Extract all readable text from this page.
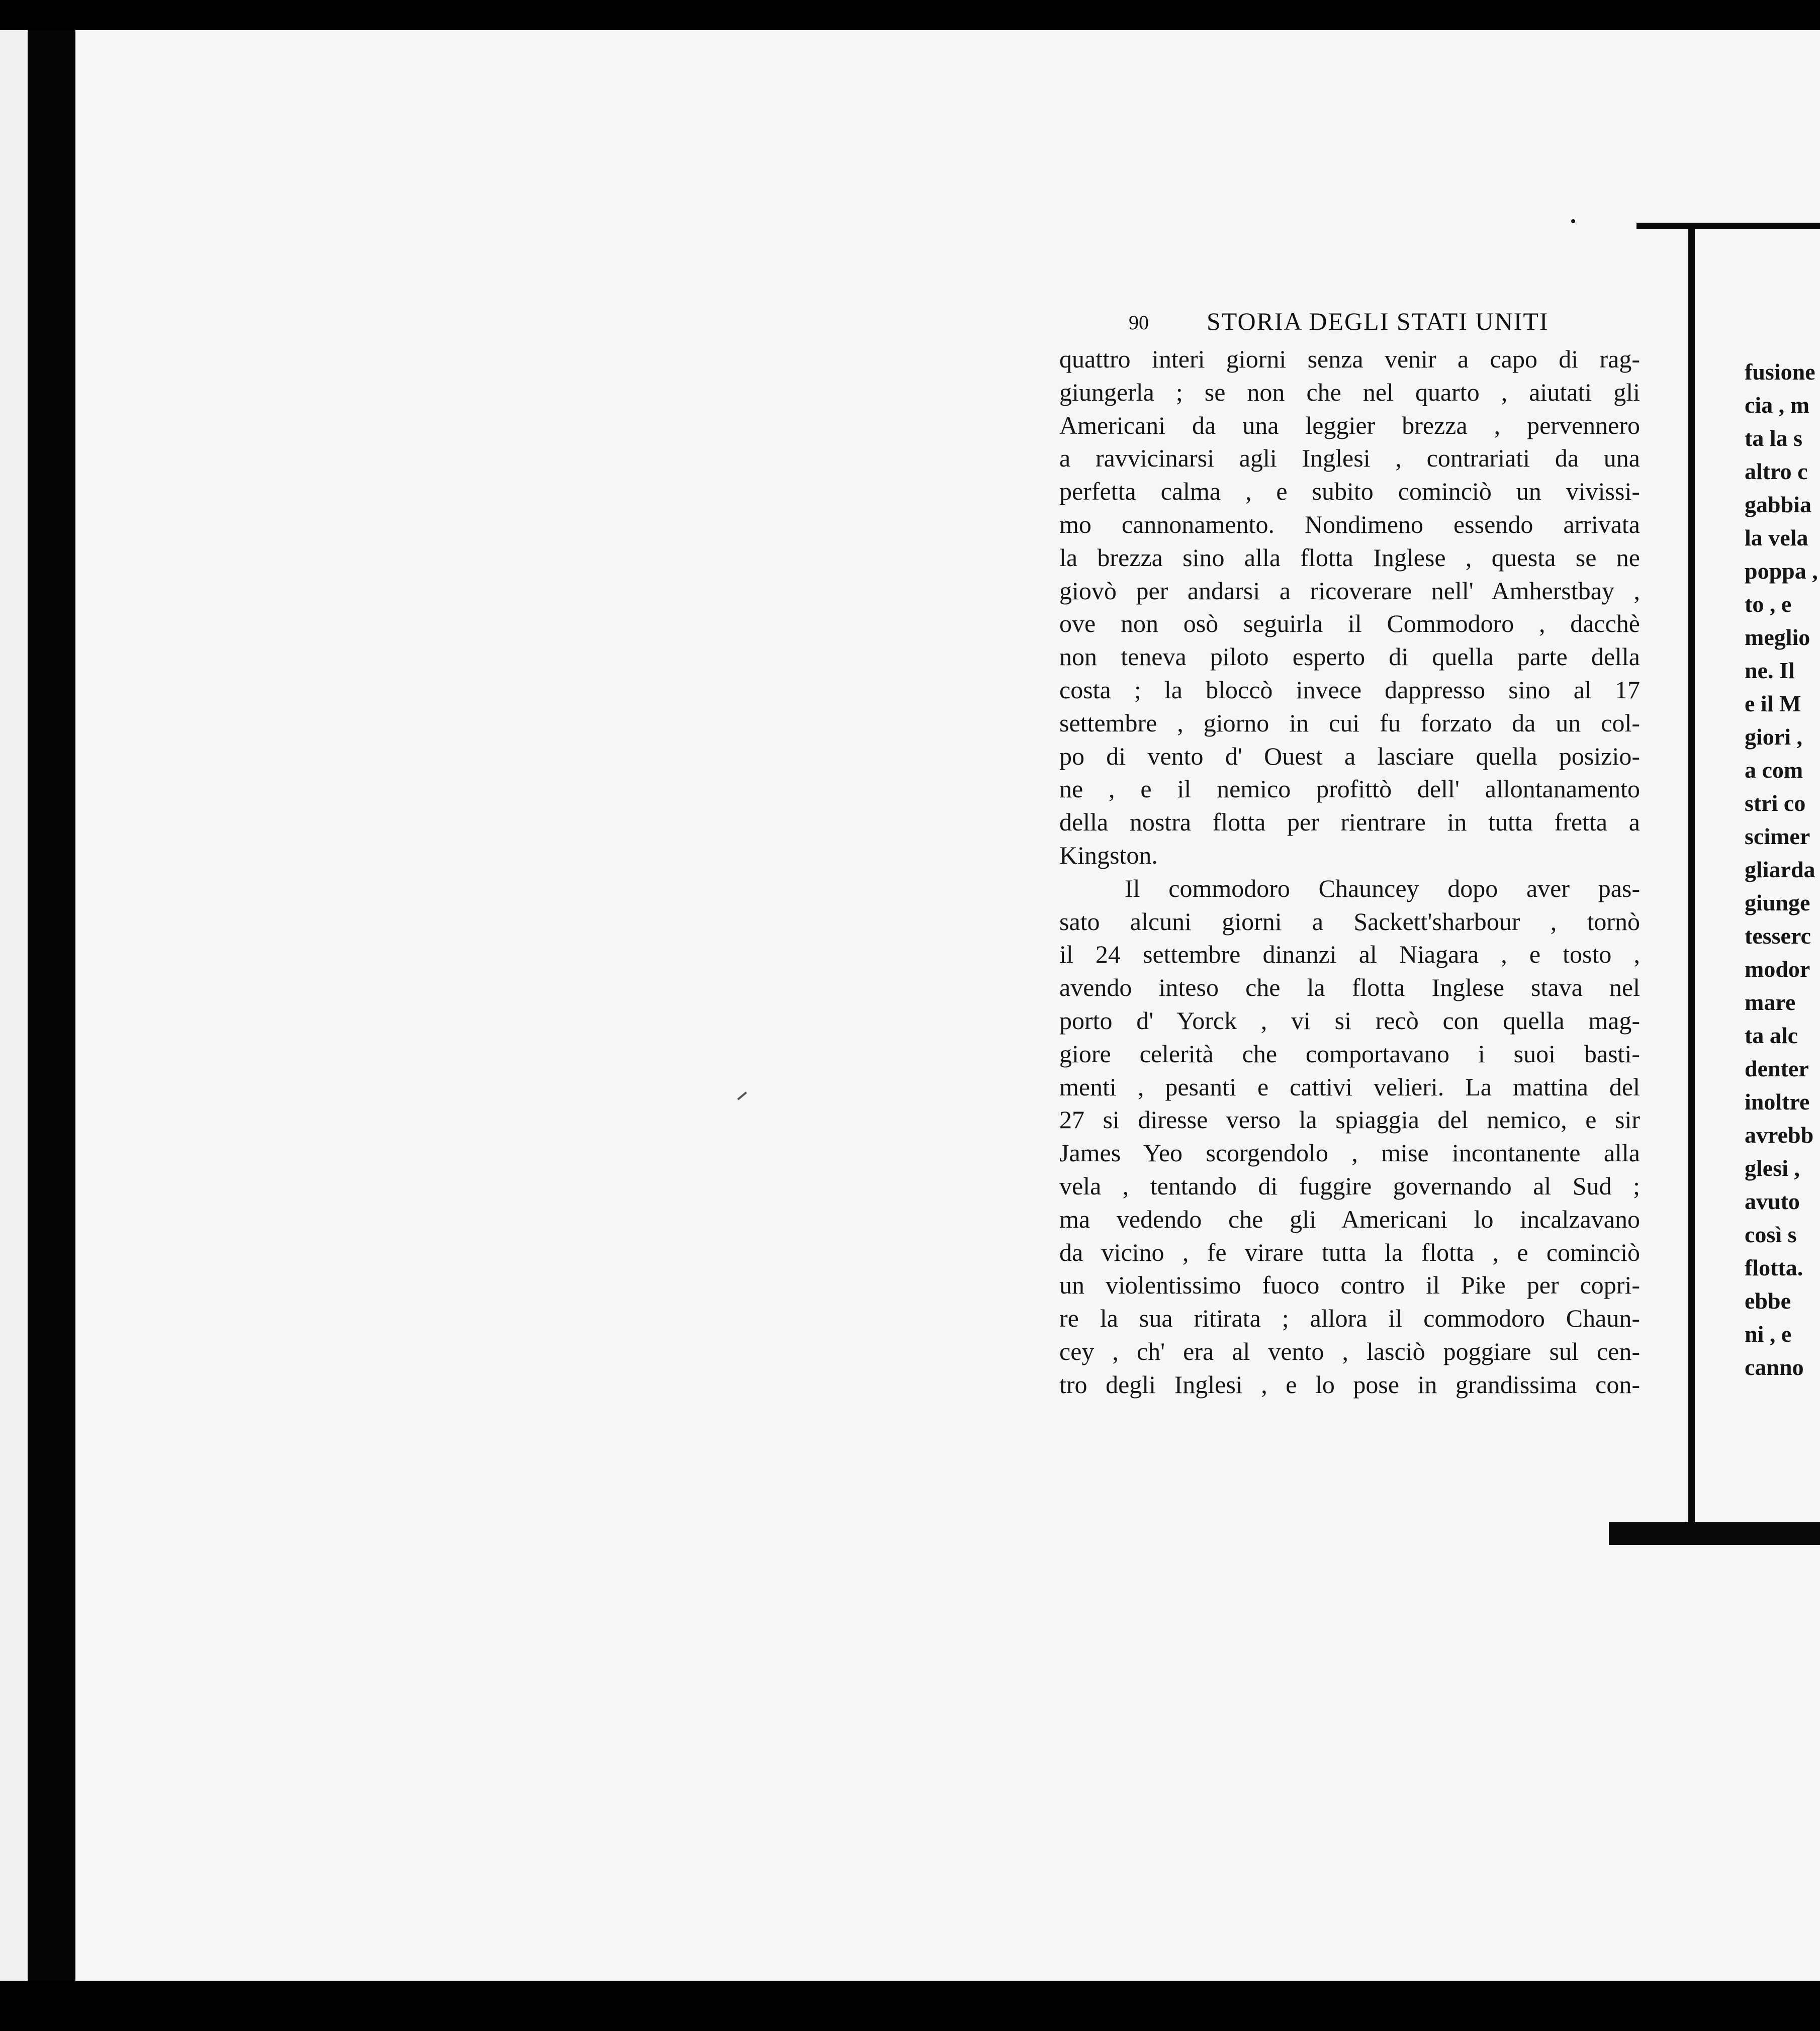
90 STORIA DEGLI STATI UNITI
quattro interi giorni senza venir a capo di rag-
giungerla ; se non che nel quarto , aiutati gli
Americani da una leggier brezza , pervennero
a ravvicinarsi agli Inglesi , contrariati da una
perfetta calma , e subito cominciò un vivissi-
mo cannonamento. Nondimeno essendo arrivata
la brezza sino alla flotta Inglese , questa se ne
giovò per andarsi a ricoverare nell' Amherstbay ,
ove non osò seguirla il Commodoro , dacchè
non teneva piloto esperto di quella parte della
costa ; la bloccò invece dappresso sino al 17
settembre , giorno in cui fu forzato da un col-
po di vento d' Ouest a lasciare quella posizio-
ne , e il nemico profittò dell' allontanamento
della nostra flotta per rientrare in tutta fretta a
Kingston.
Il commodoro Chauncey dopo aver pas-
sato alcuni giorni a Sackett'sharbour , tornò
il 24 settembre dinanzi al Niagara , e tosto ,
avendo inteso che la flotta Inglese stava nel
porto d' Yorck , vi si recò con quella mag-
giore celerità che comportavano i suoi basti-
menti , pesanti e cattivi velieri. La mattina del
27 si diresse verso la spiaggia del nemico, e sir
James Yeo scorgendolo , mise incontanente alla
vela , tentando di fuggire governando al Sud ;
ma vedendo che gli Americani lo incalzavano
da vicino , fe virare tutta la flotta , e cominciò
un violentissimo fuoco contro il Pike per copri-
re la sua ritirata ; allora il commodoro Chaun-
cey , ch' era al vento , lasciò poggiare sul cen-
tro degli Inglesi , e lo pose in grandissima con-
fusione
cia , m
ta la s
altro c
gabbia
la vela
poppa ,
to , e
meglio
ne. Il
e il M
giori ,
a com
stri co
scimer
gliarda
giunge
tesserc
modor
mare
ta alc
denter
inoltre
avrebb
glesi ,
avuto
così s
flotta.
ebbe
ni , e
canno
